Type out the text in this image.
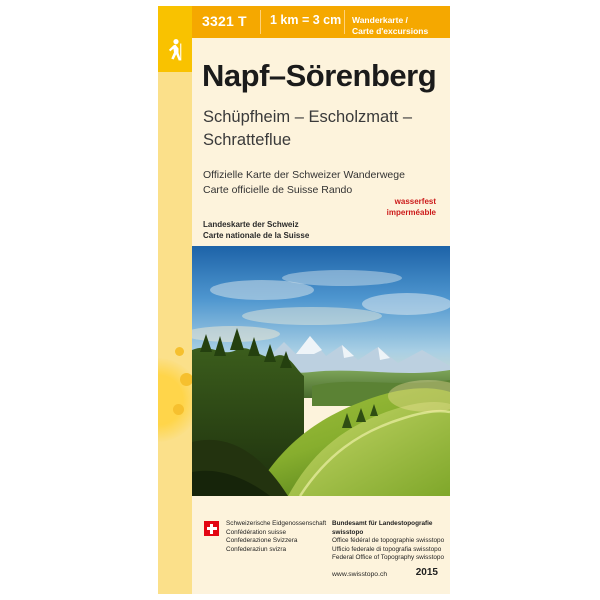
3321 T 1 km = 3 cm Wanderkarte /
Carte d'excursions
Napf–Sörenberg
Schüpfheim – Escholzmatt –
Schratteflue
Offizielle Karte der Schweizer Wanderwege
Carte officielle de Suisse Rando
Landeskarte der Schweiz
Carte nationale de la Suisse
wasserfest
imperméable
Schweizerische Eidgenossenschaft
Confédération suisse
Confederazione Svizzera
Confederaziun svizra
Bundesamt für Landestopografie swisstopo
Office fédéral de topographie swisstopo
Ufficio federale di topografia swisstopo
Federal Office of Topography swisstopo
www.swisstopo.ch	2015
